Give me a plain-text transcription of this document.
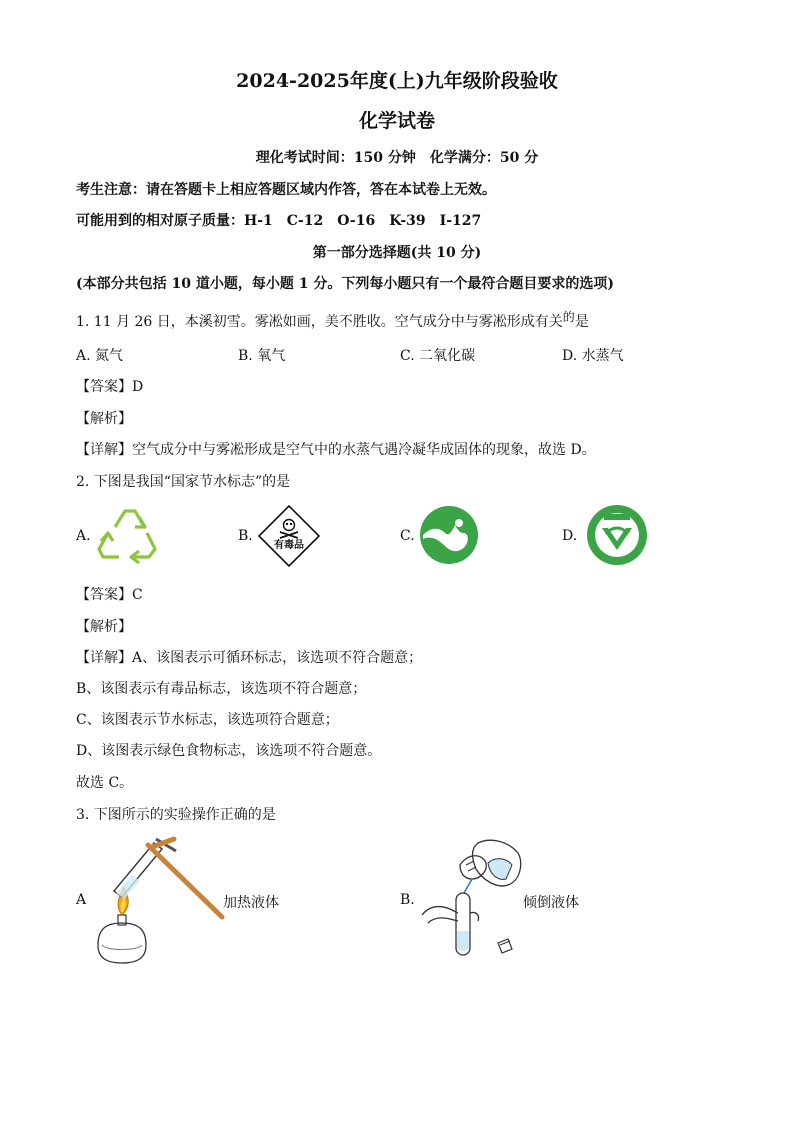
2024-2025年度(上)九年级阶段验收
化学试卷
理化考试时间：150 分钟　化学满分：50 分
考生注意：请在答题卡上相应答题区域内作答，答在本试卷上无效。
可能用到的相对原子质量：H-1　C-12　O-16　K-39　I-127
第一部分选择题(共 10 分)
(本部分共包括 10 道小题，每小题 1 分。下列每小题只有一个最符合题目要求的选项)
1. 11 月 26 日，本溪初雪。雾凇如画，美不胜收。空气成分中与雾凇形成有关的是
A. 氮气	B. 氧气	C. 二氧化碳	D. 水蒸气
【答案】D
【解析】
【详解】空气成分中与雾凇形成是空气中的水蒸气遇冷凝华成固体的现象，故选 D。
2. 下图是我国“国家节水标志”的是
A.	B.
有毒品
C.	D.
【答案】C
【解析】
【详解】A、该图表示可循环标志，该选项不符合题意；
B、该图表示有毒品标志，该选项不符合题意；
C、该图表示节水标志，该选项符合题意；
D、该图表示绿色食物标志，该选项不符合题意。
故选 C。
3. 下图所示的实验操作正确的是
A	加热液体	B.	倾倒液体
